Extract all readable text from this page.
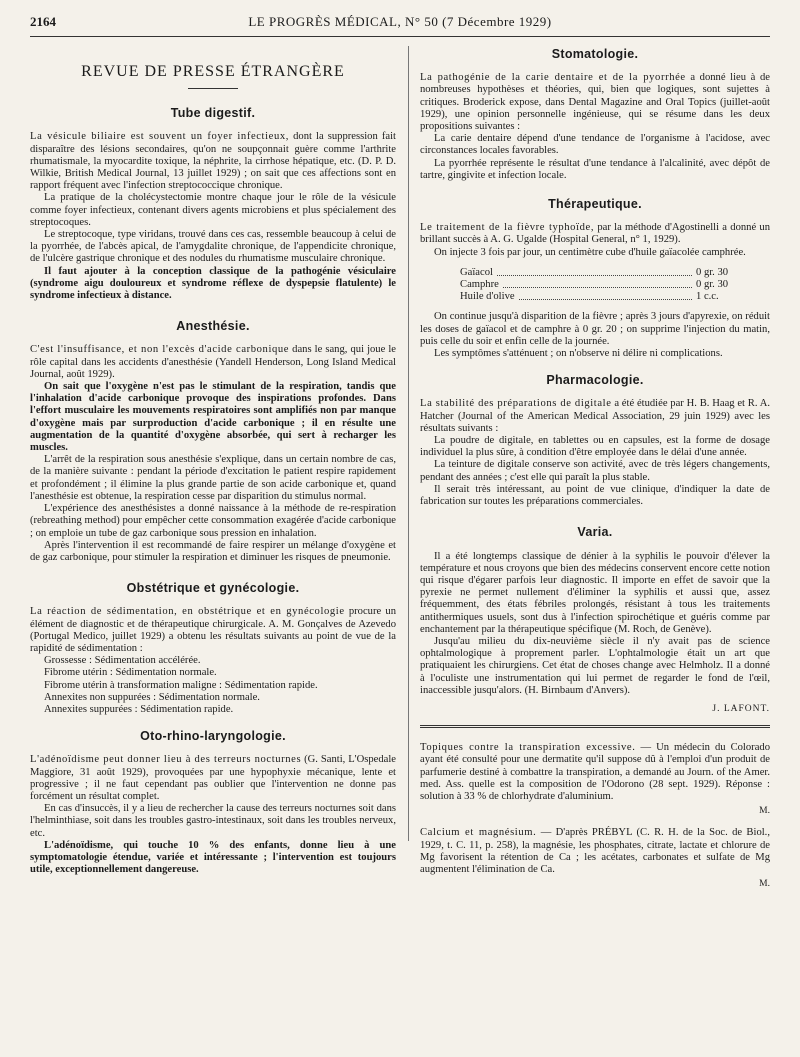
2164	LE PROGRÈS MÉDICAL, N° 50 (7 Décembre 1929)
REVUE DE PRESSE ÉTRANGÈRE
Tube digestif.

La vésicule biliaire est souvent un foyer infectieux, dont la suppression fait disparaître des lésions secondaires, qu'on ne soupçonnait guère comme l'arthrite rhumatismale, la myocardite toxique, la néphrite, la cirrhose hépatique, etc. (D. P. D. Wilkie, British Medical Journal, 13 juillet 1929) ; on sait que ces affections sont en rapport fréquent avec l'infection streptococcique chronique.

La pratique de la cholécystectomie montre chaque jour le rôle de la vésicule comme foyer infectieux, contenant divers agents microbiens et plus spécialement des streptocoques.

Le streptocoque, type viridans, trouvé dans ces cas, ressemble beaucoup à celui de la pyorrhée, de l'abcès apical, de l'amygdalite chronique, de l'appendicite chronique, de l'ulcère gastrique chronique et des nodules du rhumatisme musculaire chronique.

Il faut ajouter à la conception classique de la pathogénie vésiculaire (syndrome aigu douloureux et syndrome réflexe de dyspepsie flatulente) le syndrome infectieux à distance.

Anesthésie.

C'est l'insuffisance, et non l'excès d'acide carbonique dans le sang, qui joue le rôle capital dans les accidents d'anesthésie (Yandell Henderson, Long Island Medical Journal, août 1929).

On sait que l'oxygène n'est pas le stimulant de la respiration, tandis que l'inhalation d'acide carbonique provoque des inspirations profondes. Dans l'effort musculaire les mouvements respiratoires sont amplifiés non par manque d'oxygène mais par surproduction d'acide carbonique ; il en résulte une augmentation de la quantité d'oxygène absorbée, qui sert à recharger les muscles.

L'arrêt de la respiration sous anesthésie s'explique, dans un certain nombre de cas, de la manière suivante : pendant la période d'excitation le patient respire rapidement et profondément ; il élimine la plus grande partie de son acide carbonique et, quand l'anesthésie est obtenue, la respiration cesse par disparition du stimulus normal.

L'expérience des anesthésistes a donné naissance à la méthode de re-respiration (rebreathing method) pour empêcher cette consommation exagérée d'acide carbonique ; on emploie un tube de gaz carbonique sous pression en inhalation.

Après l'intervention il est recommandé de faire respirer un mélange d'oxygène et de gaz carbonique, pour stimuler la respiration et diminuer les risques de pneumonie.

Obstétrique et gynécologie.

La réaction de sédimentation, en obstétrique et en gynécologie procure un élément de diagnostic et de thérapeutique chirurgicale. A. M. Gonçalves de Azevedo (Portugal Medico, juillet 1929) a obtenu les résultats suivants au point de vue de la rapidité de sédimentation :

Grossesse : Sédimentation accélérée.
Fibrome utérin : Sédimentation normale.
Fibrome utérin à transformation maligne : Sédimentation rapide.
Annexites non suppurées : Sédimentation normale.
Annexites suppurées : Sédimentation rapide.
Oto-rhino-laryngologie.

L'adénoïdisme peut donner lieu à des terreurs nocturnes (G. Santi, L'Ospedale Maggiore, 31 août 1929), provoquées par une hypophyxie mécanique, lente et progressive ; il ne faut cependant pas oublier que l'intervention ne donne pas forcément un résultat complet.

En cas d'insuccès, il y a lieu de rechercher la cause des terreurs nocturnes soit dans l'helminthiase, soit dans les troubles gastro-intestinaux, soit dans les troubles nerveux, etc.

L'adénoïdisme, qui touche 10 % des enfants, donne lieu à une symptomatologie étendue, variée et intéressante ; l'intervention est toujours utile, exceptionnellement dangereuse.

Stomatologie.

La pathogénie de la carie dentaire et de la pyorrhée a donné lieu à de nombreuses hypothèses et théories, qui, bien que logiques, sont sujettes à critiques. Broderick expose, dans Dental Magazine and Oral Topics (juillet-août 1929), une opinion personnelle ingénieuse, qui se résume dans les deux propositions suivantes :

La carie dentaire dépend d'une tendance de l'organisme à l'acidose, avec circonstances locales favorables.

La pyorrhée représente le résultat d'une tendance à l'alcalinité, avec dépôt de tartre, gingivite et infection locale.

Thérapeutique.

Le traitement de la fièvre typhoïde, par la méthode d'Agostinelli a donné un brillant succès à A. G. Ugalde (Hospital General, n° 1, 1929).

On injecte 3 fois par jour, un centimètre cube d'huile gaïacolée camphrée.

Gaïacol	0 gr. 30
Camphre	0 gr. 30
Huile d'olive	1 c.c.

On continue jusqu'à disparition de la fièvre ; après 3 jours d'apyrexie, on réduit les doses de gaïacol et de camphre à 0 gr. 20 ; on supprime l'injection du matin, puis celle du soir et enfin celle de la journée.

Les symptômes s'atténuent ; on n'observe ni délire ni complications.

Pharmacologie.

La stabilité des préparations de digitale a été étudiée par H. B. Haag et R. A. Hatcher (Journal of the American Medical Association, 29 juin 1929) avec les résultats suivants :

La poudre de digitale, en tablettes ou en capsules, est la forme de dosage individuel la plus sûre, à condition d'être employée dans le délai d'une année.

La teinture de digitale conserve son activité, avec de très légers changements, pendant des années ; c'est elle qui paraît la plus stable.

Il serait très intéressant, au point de vue clinique, d'indiquer la date de fabrication sur toutes les préparations commerciales.

Varia.

Il a été longtemps classique de dénier à la syphilis le pouvoir d'élever la température et nous croyons que bien des médecins conservent encore cette notion qui risque d'égarer parfois leur diagnostic. Il importe en effet de savoir que la pyrexie ne permet nullement d'éliminer la syphilis et aussi que, assez fréquemment, des états fébriles prolongés, résistant à tous les traitements antithermiques usuels, sont dus à l'infection spirochétique et guéris comme par enchantement par la thérapeutique spécifique (M. Roch, de Genève).

Jusqu'au milieu du dix-neuvième siècle il n'y avait pas de science ophtalmologique à proprement parler. L'ophtalmologie était un art que pratiquaient les chirurgiens. Cet état de choses change avec Helmholz. Il a donné à l'oculiste une instrumentation qui lui permet de regarder le fond de l'œil, inaccessible jusqu'alors. (H. Birnbaum d'Anvers).

J. LAFONT.

Topiques contre la transpiration excessive. — Un médecin du Colorado ayant été consulté pour une dermatite qu'il suppose dû à l'emploi d'un produit de parfumerie destiné à combattre la transpiration, a demandé au Journ. of the Amer. med. Ass. quelle est la composition de l'Odorono (28 sept. 1929). Réponse : solution à 33 % de chlorhydrate d'aluminium.

M.

Calcium et magnésium. — D'après PRÉBYL (C. R. H. de la Soc. de Biol., 1929, t. C. 11, p. 258), la magnésie, les phosphates, citrate, lactate et chlorure de Mg favorisent la rétention de Ca ; les acétates, carbonates et sulfate de Mg augmentent l'élimination de Ca.

M.
